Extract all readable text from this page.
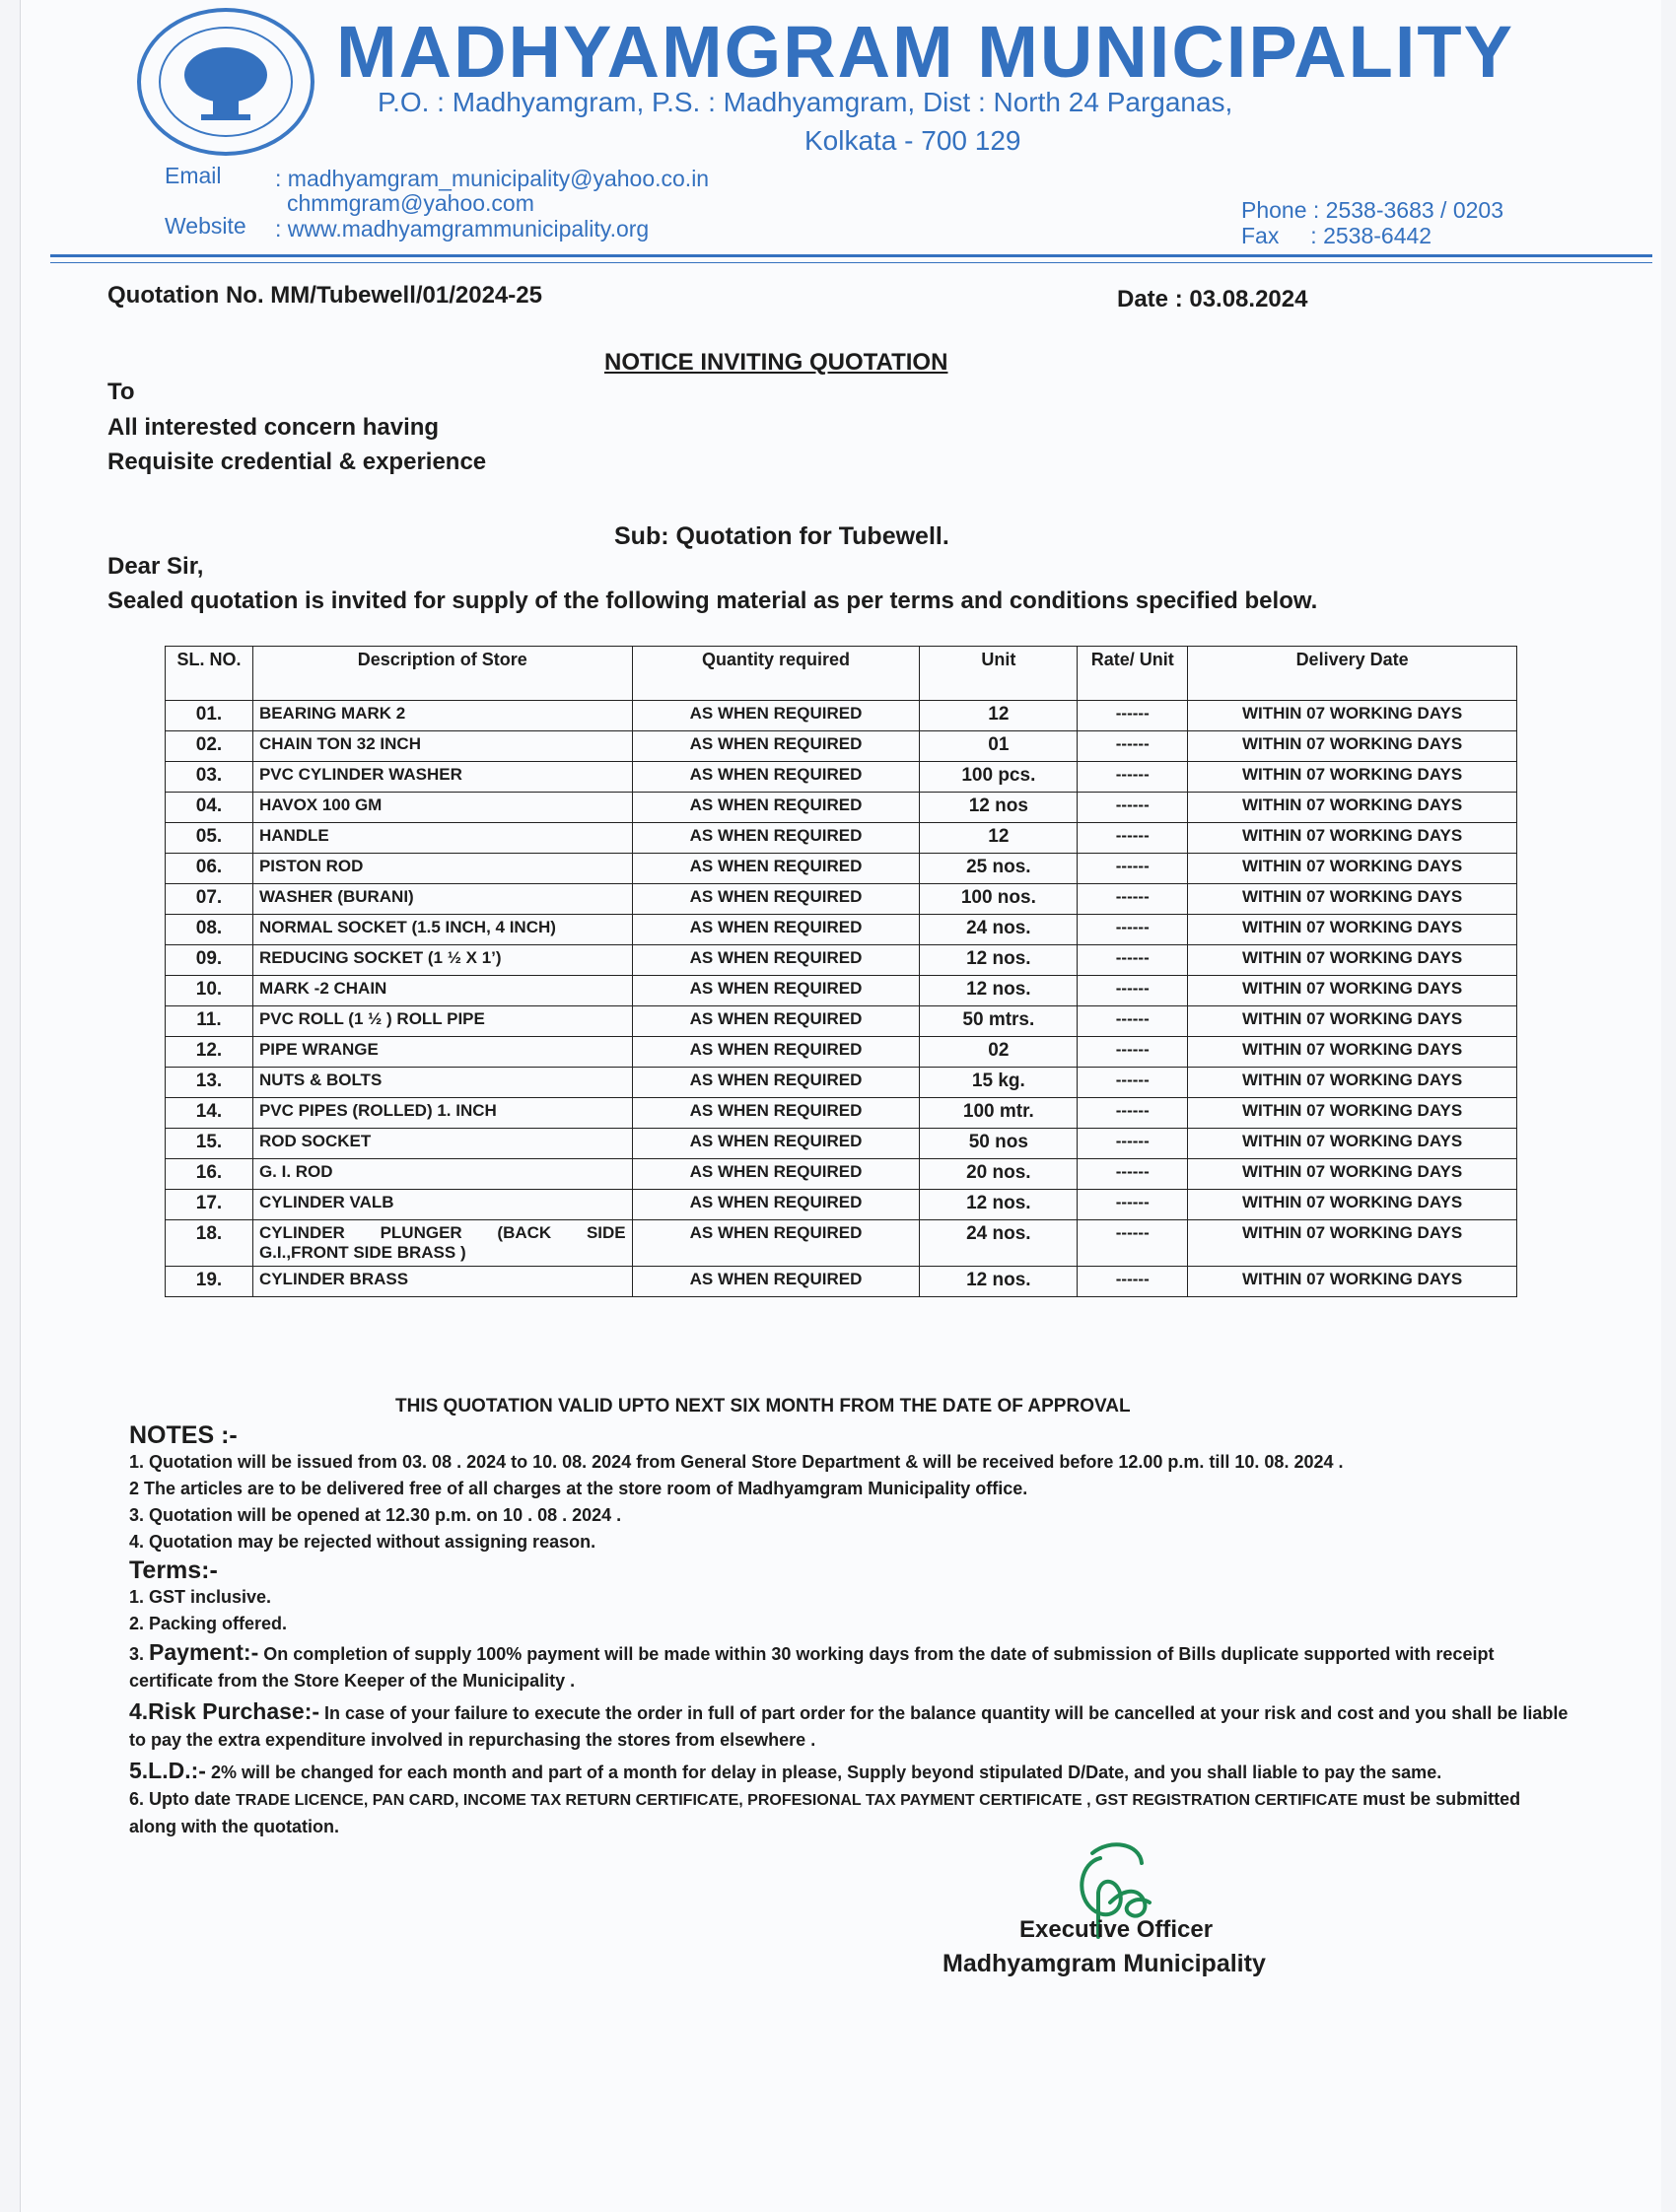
MADHYAMGRAM MUNICIPALITY
P.O. : Madhyamgram, P.S. : Madhyamgram, Dist : North 24 Parganas,
Kolkata - 700 129
Email : madhyamgram_municipality@yahoo.co.in
chmmgram@yahoo.com
Website : www.madhyamgrammunicipality.org
Phone : 2538-3683 / 0203
Fax     : 2538-6442
Quotation No. MM/Tubewell/01/2024-25	Date : 03.08.2024
NOTICE INVITING QUOTATION
To
All interested concern having
Requisite credential & experience
Sub: Quotation for Tubewell.
Dear Sir,
Sealed quotation is invited for supply of the following material as per terms and conditions specified below.
SL. NO.	Description of Store	Quantity required	Unit	Rate/ Unit	Delivery Date
01.	BEARING MARK 2	AS WHEN REQUIRED	12	------	WITHIN 07 WORKING DAYS
02.	CHAIN TON 32 INCH	AS WHEN REQUIRED	01	------	WITHIN 07 WORKING DAYS
03.	PVC CYLINDER WASHER	AS WHEN REQUIRED	100 pcs.	------	WITHIN 07 WORKING DAYS
04.	HAVOX 100 GM	AS WHEN REQUIRED	12 nos	------	WITHIN 07 WORKING DAYS
05.	HANDLE	AS WHEN REQUIRED	12	------	WITHIN 07 WORKING DAYS
06.	PISTON ROD	AS WHEN REQUIRED	25 nos.	------	WITHIN 07 WORKING DAYS
07.	WASHER (BURANI)	AS WHEN REQUIRED	100 nos.	------	WITHIN 07 WORKING DAYS
08.	NORMAL SOCKET (1.5 INCH, 4 INCH)	AS WHEN REQUIRED	24 nos.	------	WITHIN 07 WORKING DAYS
09.	REDUCING SOCKET (1 ½ X 1’)	AS WHEN REQUIRED	12 nos.	------	WITHIN 07 WORKING DAYS
10.	MARK -2 CHAIN	AS WHEN REQUIRED	12 nos.	------	WITHIN 07 WORKING DAYS
11.	PVC ROLL (1 ½ ) ROLL PIPE	AS WHEN REQUIRED	50 mtrs.	------	WITHIN 07 WORKING DAYS
12.	PIPE WRANGE	AS WHEN REQUIRED	02	------	WITHIN 07 WORKING DAYS
13.	NUTS & BOLTS	AS WHEN REQUIRED	15 kg.	------	WITHIN 07 WORKING DAYS
14.	PVC PIPES (ROLLED) 1. INCH	AS WHEN REQUIRED	100 mtr.	------	WITHIN 07 WORKING DAYS
15.	ROD SOCKET	AS WHEN REQUIRED	50 nos	------	WITHIN 07 WORKING DAYS
16.	G. I. ROD	AS WHEN REQUIRED	20 nos.	------	WITHIN 07 WORKING DAYS
17.	CYLINDER VALB	AS WHEN REQUIRED	12 nos.	------	WITHIN 07 WORKING DAYS
18.	CYLINDER PLUNGER (BACK SIDE G.I.,FRONT SIDE BRASS )	AS WHEN REQUIRED	24 nos.	------	WITHIN 07 WORKING DAYS
19.	CYLINDER BRASS	AS WHEN REQUIRED	12 nos.	------	WITHIN 07 WORKING DAYS
THIS QUOTATION VALID UPTO NEXT SIX MONTH FROM THE DATE OF APPROVAL
NOTES :-
1. Quotation will be issued from 03. 08 . 2024 to 10. 08. 2024 from General Store Department & will be received before 12.00 p.m. till 10. 08. 2024 .
2 The articles are to be delivered free of all charges at the store room of Madhyamgram Municipality office.
3. Quotation will be opened at 12.30 p.m. on 10 . 08 . 2024 .
4. Quotation may be rejected without assigning reason.
Terms:-
1. GST inclusive.
2. Packing offered.
3. Payment:- On completion of supply 100% payment will be made within 30 working days from the date of submission of Bills duplicate supported with receipt certificate from the Store Keeper of the Municipality .
4.Risk Purchase:- In case of your failure to execute the order in full of part order for the balance quantity will be cancelled at your risk and cost and you shall be liable to pay the extra expenditure involved in repurchasing the stores from elsewhere .
5.L.D.:- 2% will be changed for each month and part of a month for delay in please, Supply beyond stipulated D/Date, and you shall liable to pay the same.
6. Upto date TRADE LICENCE, PAN CARD, INCOME TAX RETURN CERTIFICATE, PROFESIONAL TAX PAYMENT CERTIFICATE , GST REGISTRATION CERTIFICATE must be submitted along with the quotation.
Executive Officer
Madhyamgram Municipality
